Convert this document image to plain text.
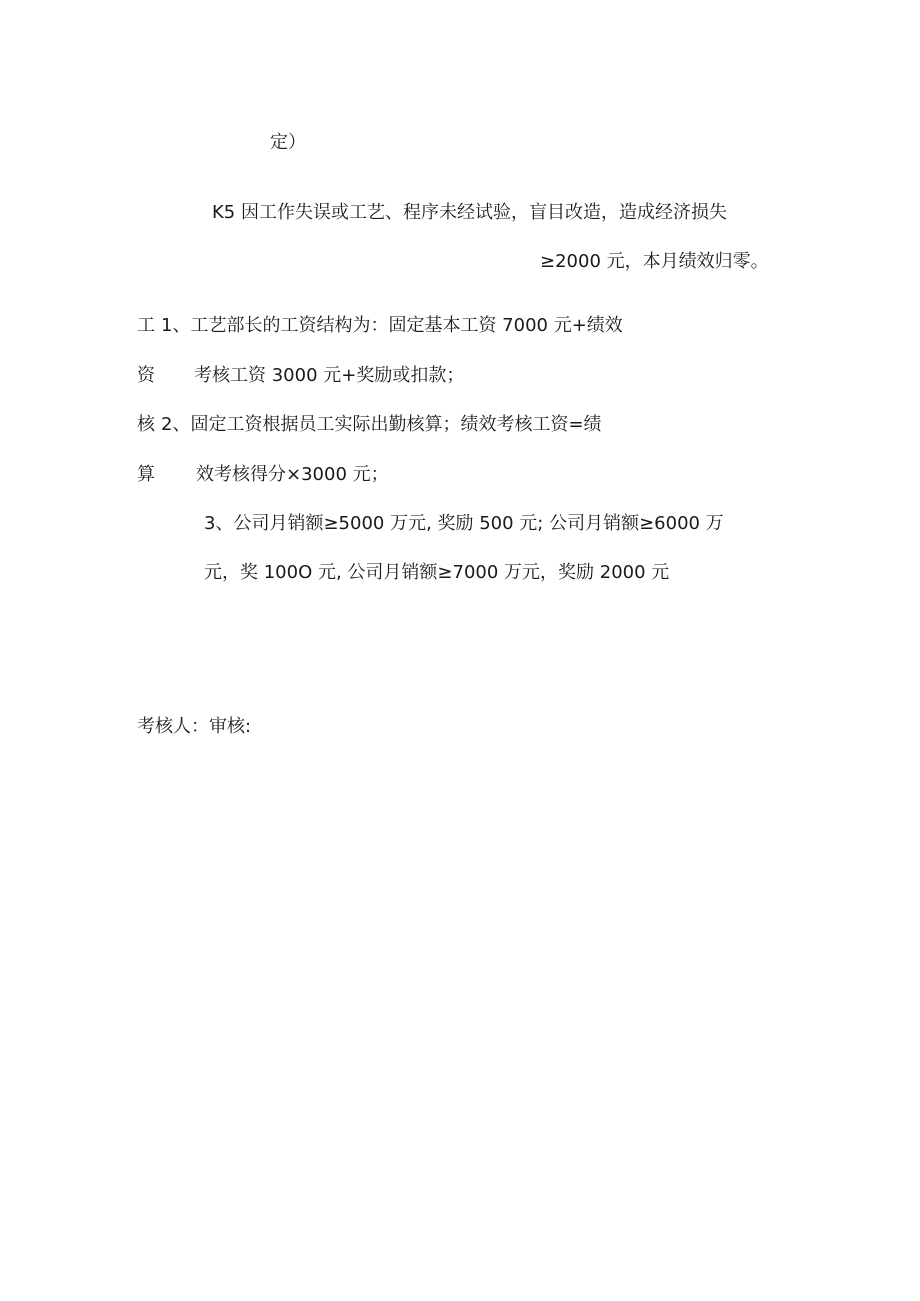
定）
K5 因工作失误或工艺、程序未经试验，盲目改造，造成经济损失
≥2000 元，本月绩效归零。
工 1、工艺部长的工资结构为：固定基本工资 7000 元+绩效
资 考核工资 3000 元+奖励或扣款；
核 2、固定工资根据员工实际出勤核算；绩效考核工资=绩
算 效考核得分×3000 元；
3、公司月销额≥5000 万元, 奖励 500 元; 公司月销额≥6000 万
元，奖 100O 元, 公司月销额≥7000 万元，奖励 2000 元
考核人：审核:
